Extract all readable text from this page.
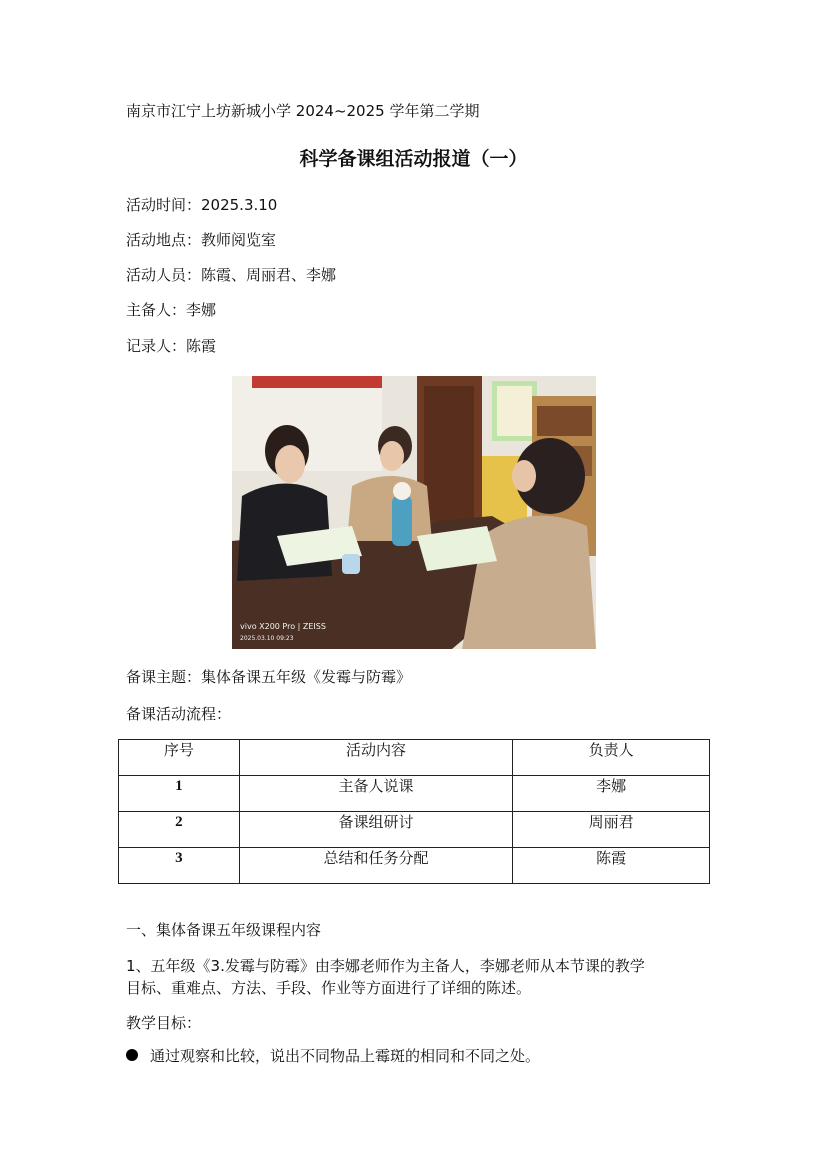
南京市江宁上坊新城小学 2024~2025 学年第二学期
科学备课组活动报道（一）
活动时间：2025.3.10
活动地点：教师阅览室
活动人员：陈霞、周丽君、李娜
主备人：李娜
记录人：陈霞
vivo X200 Pro | ZEISS
2025.03.10 09:23
备课主题：集体备课五年级《发霉与防霉》
备课活动流程：
序号	活动内容	负责人
1	主备人说课	李娜
2	备课组研讨	周丽君
3	总结和任务分配	陈霞
一、集体备课五年级课程内容
1、五年级《3.发霉与防霉》由李娜老师作为主备人，李娜老师从本节课的教学
目标、重难点、方法、手段、作业等方面进行了详细的陈述。
教学目标：
通过观察和比较，说出不同物品上霉斑的相同和不同之处。
